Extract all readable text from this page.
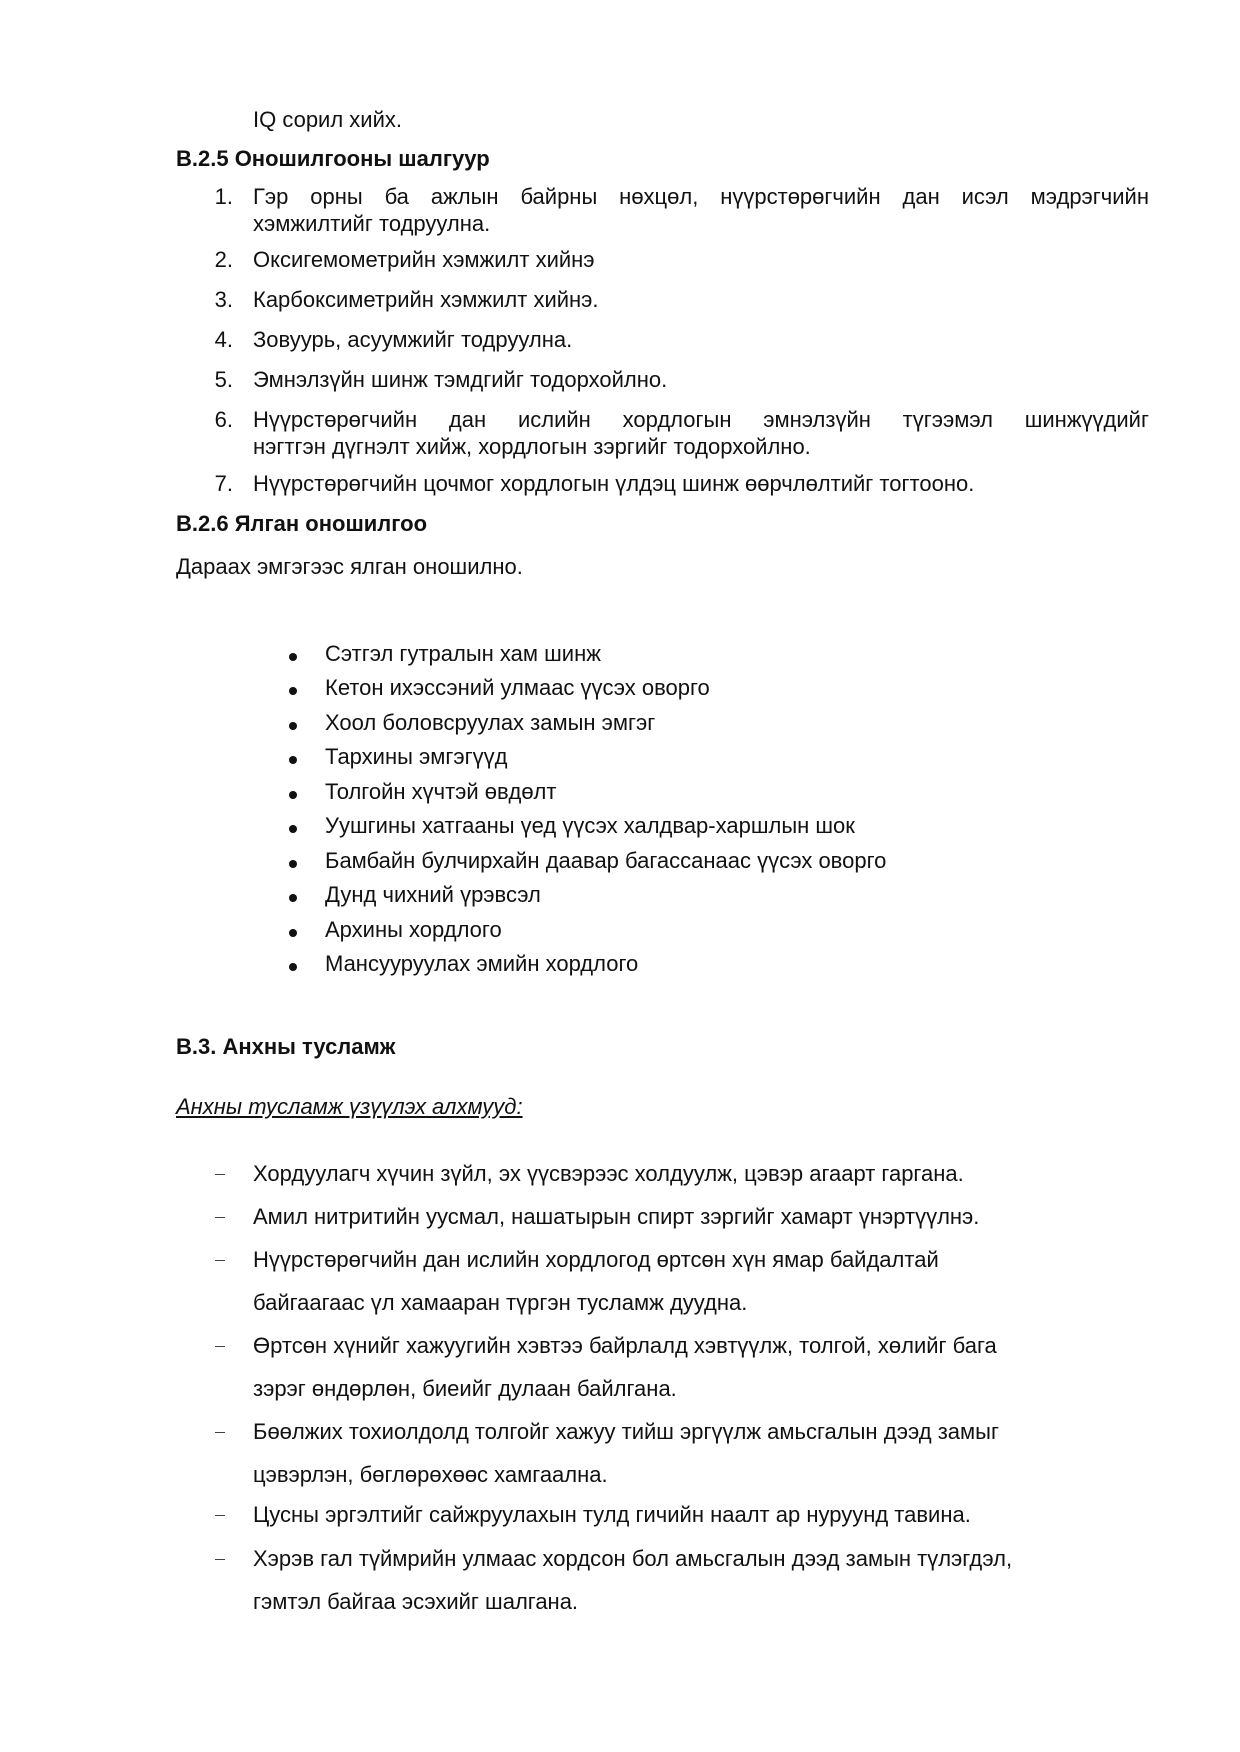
IQ сорил хийх.
В.2.5 Оношилгооны шалгуур
1. Гэр орны ба ажлын байрны нөхцөл, нүүрстөрөгчийн дан исэл мэдрэгчийн
хэмжилтийг тодруулна.
2. Оксигемометрийн хэмжилт хийнэ
3. Карбоксиметрийн хэмжилт хийнэ.
4. Зовуурь, асуумжийг тодруулна.
5. Эмнэлзүйн шинж тэмдгийг тодорхойлно.
6. Нүүрстөрөгчийн дан ислийн хордлогын эмнэлзүйн түгээмэл шинжүүдийг
нэгтгэн дүгнэлт хийж, хордлогын зэргийг тодорхойлно.
7. Нүүрстөрөгчийн цочмог хордлогын үлдэц шинж өөрчлөлтийг тогтооно.
В.2.6 Ялган оношилгоо
Дараах эмгэгээс ялган оношилно.
Сэтгэл гутралын хам шинж
Кетон ихэссэний улмаас үүсэх оворго
Хоол боловсруулах замын эмгэг
Тархины эмгэгүүд
Толгойн хүчтэй өвдөлт
Уушгины хатгааны үед үүсэх халдвар-харшлын шок
Бамбайн булчирхайн даавар багассанаас үүсэх оворго
Дунд чихний үрэвсэл
Архины хордлого
Мансууруулах эмийн хордлого
В.3. Анхны тусламж
Анхны тусламж үзүүлэх алхмууд:
Хордуулагч хүчин зүйл, эх үүсвэрээс холдуулж, цэвэр агаарт гаргана.
Амил нитритийн уусмал, нашатырын спирт зэргийг хамарт үнэртүүлнэ.
Нүүрстөрөгчийн дан ислийн хордлогод өртсөн хүн ямар байдалтай
байгаагаас үл хамааран түргэн тусламж дуудна.
Өртсөн хүнийг хажуугийн хэвтээ байрлалд хэвтүүлж, толгой, хөлийг бага
зэрэг өндөрлөн, биеийг дулаан байлгана.
Бөөлжих тохиолдолд толгойг хажуу тийш эргүүлж амьсгалын дээд замыг
цэвэрлэн, бөглөрөхөөс хамгаална.
Цусны эргэлтийг сайжруулахын тулд гичийн наалт ар нуруунд тавина.
Хэрэв гал түймрийн улмаас хордсон бол амьсгалын дээд замын түлэгдэл,
гэмтэл байгаа эсэхийг шалгана.
